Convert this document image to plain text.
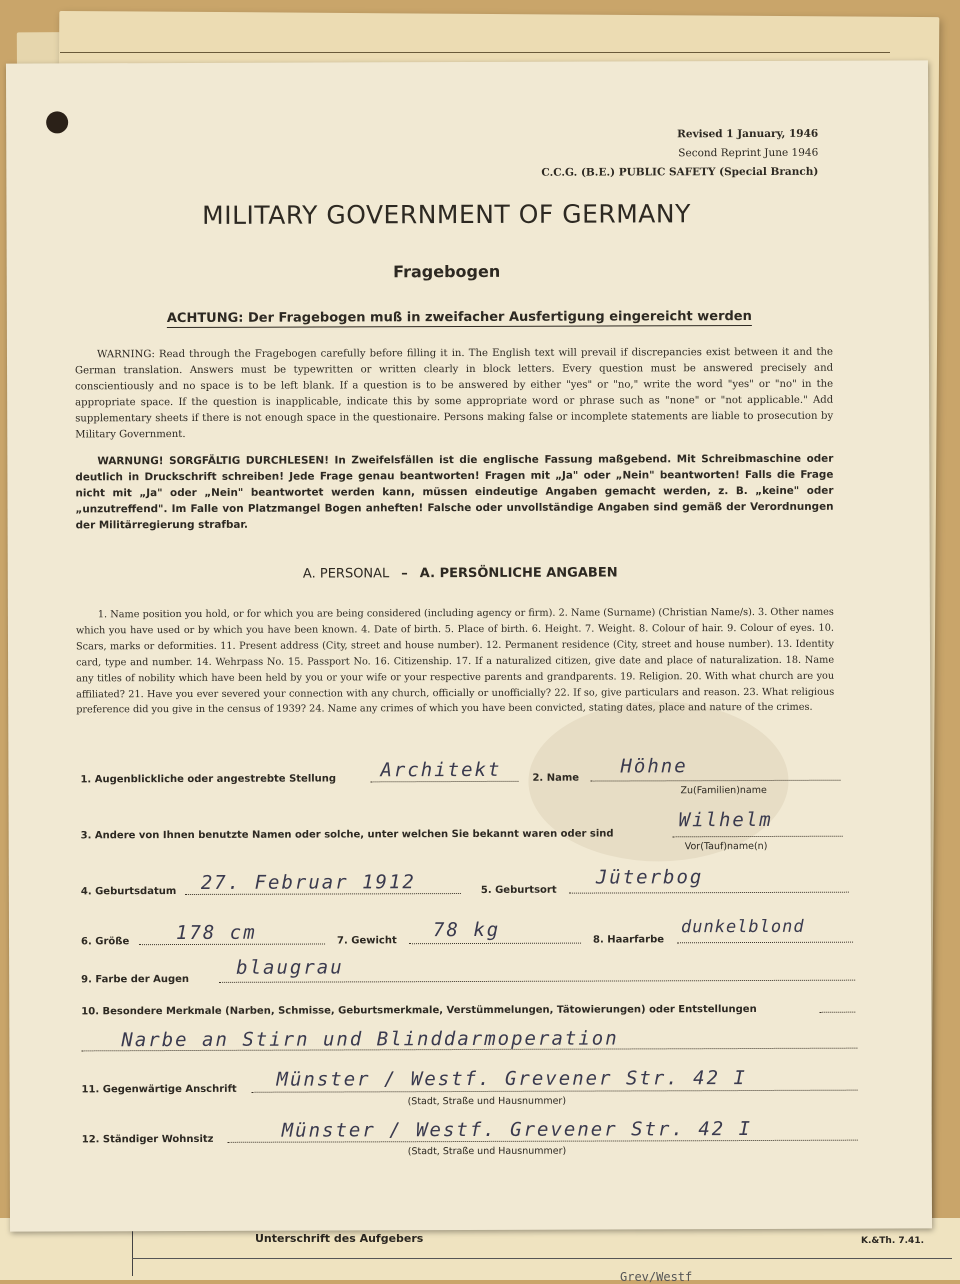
Unterschrift des Aufgebers	K.&Th. 7.41.
Grev/Westf
Revised 1 January, 1946
Second Reprint June 1946
C.C.G. (B.E.) PUBLIC SAFETY (Special Branch)
MILITARY GOVERNMENT OF GERMANY
Fragebogen
ACHTUNG: Der Fragebogen muß in zweifacher Ausfertigung eingereicht werden
WARNING: Read through the Fragebogen carefully before filling it in. The English text will prevail if discrepancies exist between it and the German translation. Answers must be typewritten or written clearly in block letters. Every question must be answered precisely and conscientiously and no space is to be left blank. If a question is to be answered by either "yes" or "no," write the word "yes" or "no" in the appropriate space. If the question is inapplicable, indicate this by some appropriate word or phrase such as "none" or "not applicable." Add supplementary sheets if there is not enough space in the questionaire. Persons making false or incomplete statements are liable to prosecution by Military Government.
WARNUNG! SORGFÄLTIG DURCHLESEN! In Zweifelsfällen ist die englische Fassung maßgebend. Mit Schreibmaschine oder deutlich in Druckschrift schreiben! Jede Frage genau beantworten! Fragen mit „Ja" oder „Nein" beantworten! Falls die Frage nicht mit „Ja" oder „Nein" beantwortet werden kann, müssen eindeutige Angaben gemacht werden, z. B. „keine" oder „unzutreffend". Im Falle von Platzmangel Bogen anheften! Falsche oder unvollständige Angaben sind gemäß der Verordnungen der Militärregierung strafbar.
A. PERSONAL – A. PERSÖNLICHE ANGABEN
1. Name position you hold, or for which you are being considered (including agency or firm). 2. Name (Surname) (Christian Name/s). 3. Other names which you have used or by which you have been known. 4. Date of birth. 5. Place of birth. 6. Height. 7. Weight. 8. Colour of hair. 9. Colour of eyes. 10. Scars, marks or deformities. 11. Present address (City, street and house number). 12. Permanent residence (City, street and house number). 13. Identity card, type and number. 14. Wehrpass No. 15. Passport No. 16. Citizenship. 17. If a naturalized citizen, give date and place of naturalization. 18. Name any titles of nobility which have been held by you or your wife or your respective parents and grandparents. 19. Religion. 20. With what church are you affiliated? 21. Have you ever severed your connection with any church, officially or unofficially? 22. If so, give particulars and reason. 23. What religious preference did you give in the census of 1939? 24. Name any crimes of which you have been convicted, stating dates, place and nature of the crimes.
1. Augenblickliche oder angestrebte Stellung Architekt	2. Name
Höhne
Zu(Familien)name
3. Andere von Ihnen benutzte Namen oder solche, unter welchen Sie bekannt waren oder sind
Wilhelm
Vor(Tauf)name(n)
4. Geburtsdatum 27. Februar 1912	5. Geburtsort
Jüterbog
6. Größe 178 cm	7. Gewicht 78 kg	8. Haarfarbe
dunkelblond
9. Farbe der Augen
blaugrau
10. Besondere Merkmale (Narben, Schmisse, Geburtsmerkmale, Verstümmelungen, Tätowierungen) oder Entstellungen
Narbe an Stirn und Blinddarmoperation
11. Gegenwärtige Anschrift Münster / Westf. Grevener Str. 42 I
(Stadt, Straße und Hausnummer)
12. Ständiger Wohnsitz	Münster / Westf. Grevener Str. 42 I
(Stadt, Straße und Hausnummer)
